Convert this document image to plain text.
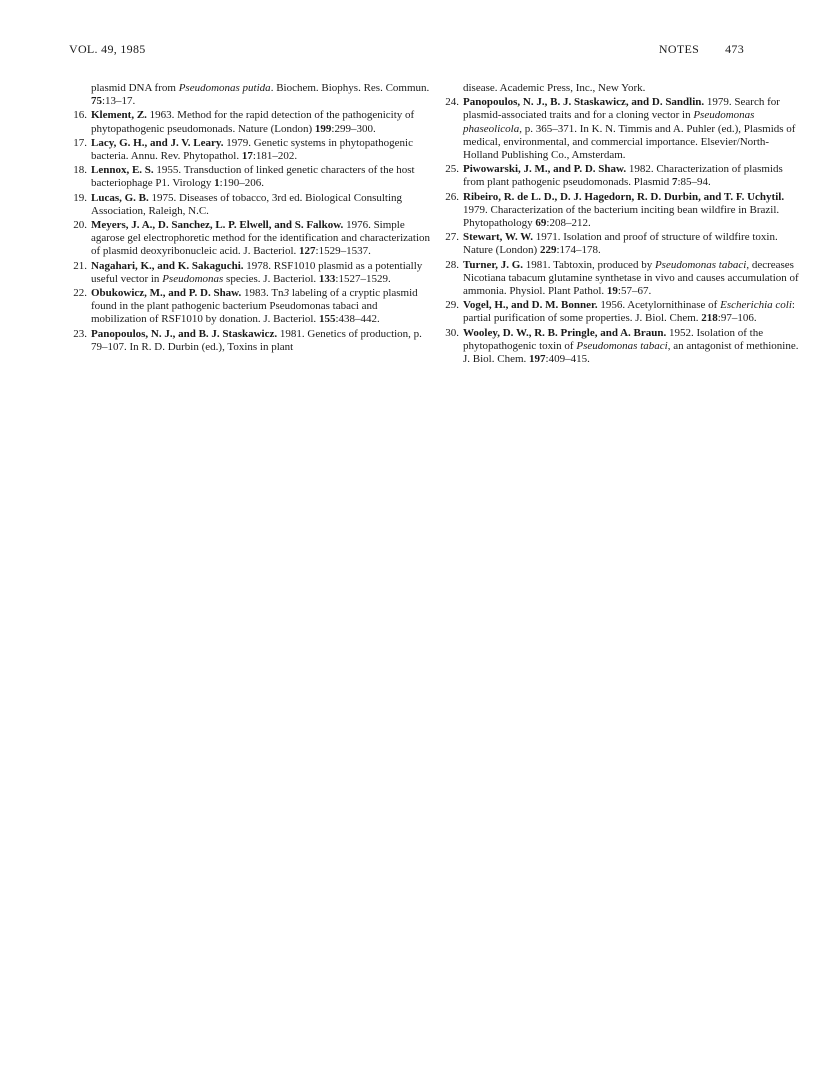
VOL. 49, 1985	NOTES 473

plasmid DNA from Pseudomonas putida. Biochem. Biophys. Res. Commun. 75:13–17.

16. Klement, Z. 1963. Method for the rapid detection of the pathogenicity of phytopathogenic pseudomonads. Nature (London) 199:299–300.

17. Lacy, G. H., and J. V. Leary. 1979. Genetic systems in phytopathogenic bacteria. Annu. Rev. Phytopathol. 17:181–202.

18. Lennox, E. S. 1955. Transduction of linked genetic characters of the host bacteriophage P1. Virology 1:190–206.

19. Lucas, G. B. 1975. Diseases of tobacco, 3rd ed. Biological Consulting Association, Raleigh, N.C.

20. Meyers, J. A., D. Sanchez, L. P. Elwell, and S. Falkow. 1976. Simple agarose gel electrophoretic method for the identification and characterization of plasmid deoxyribonucleic acid. J. Bacteriol. 127:1529–1537.

21. Nagahari, K., and K. Sakaguchi. 1978. RSF1010 plasmid as a potentially useful vector in Pseudomonas species. J. Bacteriol. 133:1527–1529.

22. Obukowicz, M., and P. D. Shaw. 1983. Tn3 labeling of a cryptic plasmid found in the plant pathogenic bacterium Pseudomonas tabaci and mobilization of RSF1010 by donation. J. Bacteriol. 155:438–442.

23. Panopoulos, N. J., and B. J. Staskawicz. 1981. Genetics of production, p. 79–107. In R. D. Durbin (ed.), Toxins in plant

disease. Academic Press, Inc., New York.

24. Panopoulos, N. J., B. J. Staskawicz, and D. Sandlin. 1979. Search for plasmid-associated traits and for a cloning vector in Pseudomonas phaseolicola, p. 365–371. In K. N. Timmis and A. Puhler (ed.), Plasmids of medical, environmental, and commercial importance. Elsevier/North-Holland Publishing Co., Amsterdam.

25. Piwowarski, J. M., and P. D. Shaw. 1982. Characterization of plasmids from plant pathogenic pseudomonads. Plasmid 7:85–94.

26. Ribeiro, R. de L. D., D. J. Hagedorn, R. D. Durbin, and T. F. Uchytil. 1979. Characterization of the bacterium inciting bean wildfire in Brazil. Phytopathology 69:208–212.

27. Stewart, W. W. 1971. Isolation and proof of structure of wildfire toxin. Nature (London) 229:174–178.

28. Turner, J. G. 1981. Tabtoxin, produced by Pseudomonas tabaci, decreases Nicotiana tabacum glutamine synthetase in vivo and causes accumulation of ammonia. Physiol. Plant Pathol. 19:57–67.

29. Vogel, H., and D. M. Bonner. 1956. Acetylornithinase of Escherichia coli: partial purification of some properties. J. Biol. Chem. 218:97–106.

30. Wooley, D. W., R. B. Pringle, and A. Braun. 1952. Isolation of the phytopathogenic toxin of Pseudomonas tabaci, an antagonist of methionine. J. Biol. Chem. 197:409–415.
